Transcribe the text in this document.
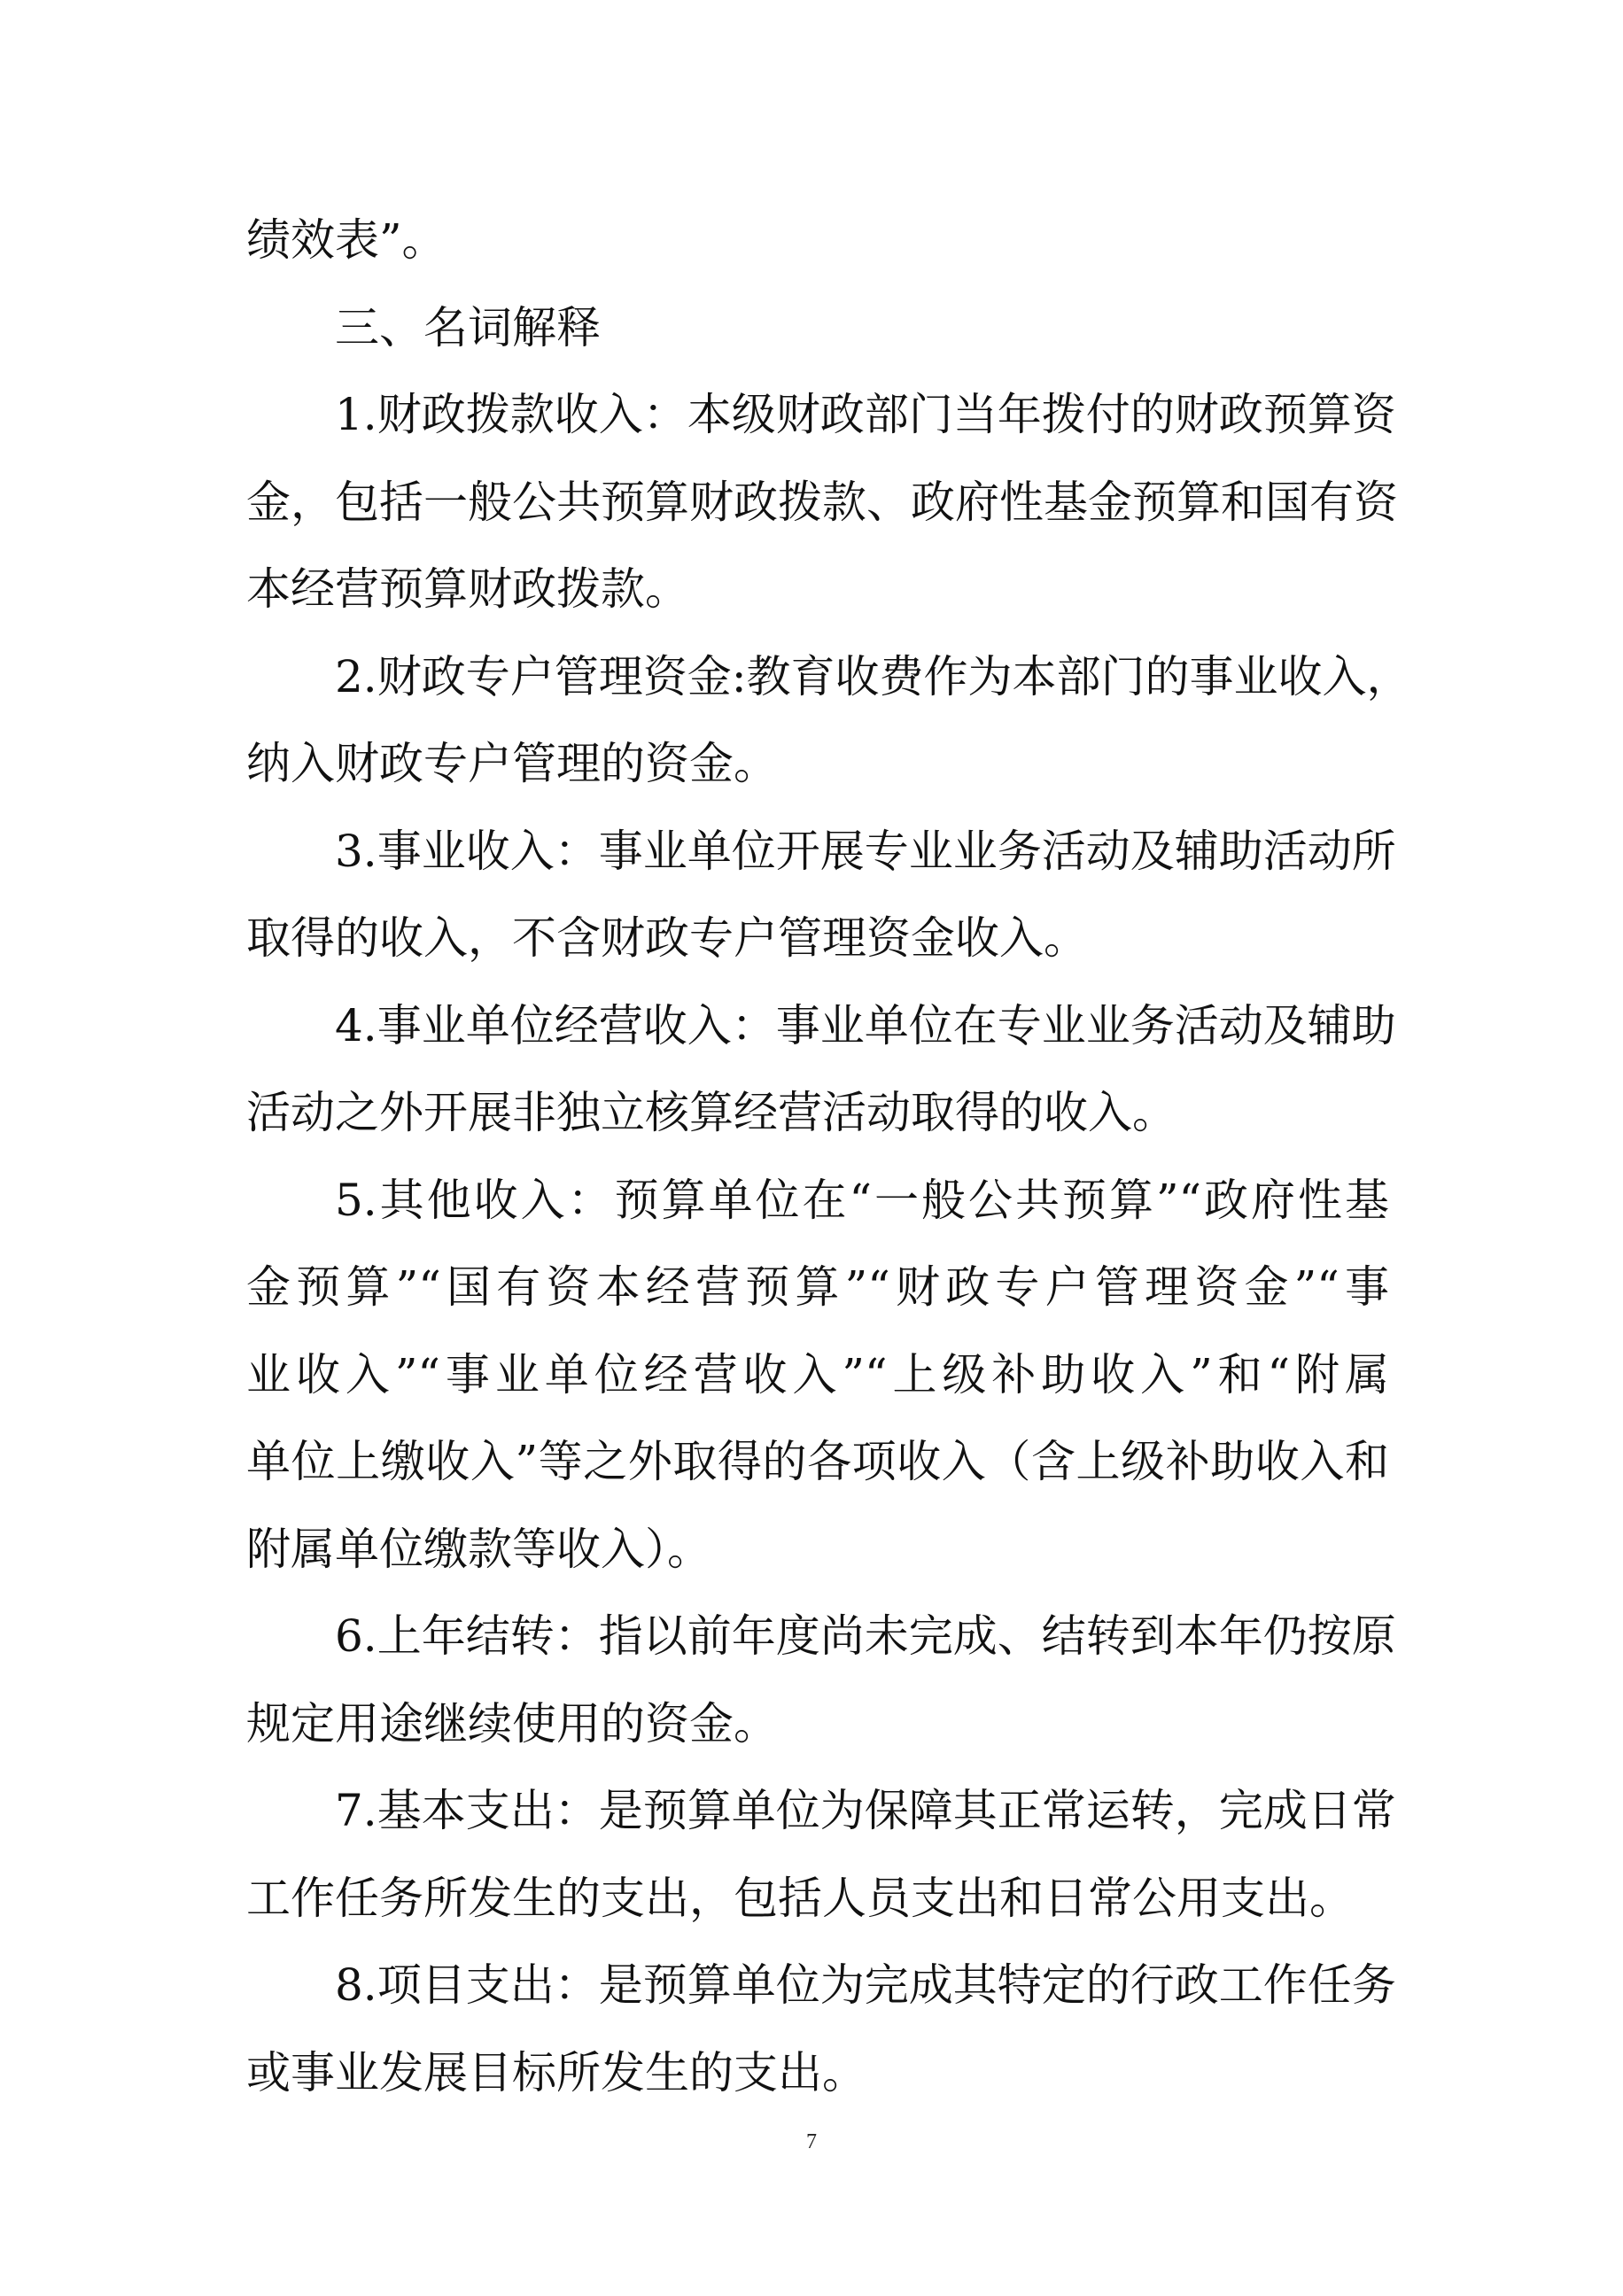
绩效表”。
三、名词解释
1.财政拨款收入：本级财政部门当年拨付的财政预算资
金，包括一般公共预算财政拨款、政府性基金预算和国有资
本经营预算财政拨款。
2.财政专户管理资金:教育收费作为本部门的事业收入，
纳入财政专户管理的资金。
3.事业收入：事业单位开展专业业务活动及辅助活动所
取得的收入，不含财政专户管理资金收入。
4.事业单位经营收入：事业单位在专业业务活动及辅助
活动之外开展非独立核算经营活动取得的收入。
5.其他收入：预算单位在“一般公共预算”“政府性基
金预算”“国有资本经营预算”“财政专户管理资金”“事
业收入”“事业单位经营收入”“上级补助收入”和“附属
单位上缴收入”等之外取得的各项收入（含上级补助收入和
附属单位缴款等收入）。
6.上年结转：指以前年度尚未完成、结转到本年仍按原
规定用途继续使用的资金。
7.基本支出：是预算单位为保障其正常运转，完成日常
工作任务所发生的支出，包括人员支出和日常公用支出。
8.项目支出：是预算单位为完成其特定的行政工作任务
或事业发展目标所发生的支出。
7
